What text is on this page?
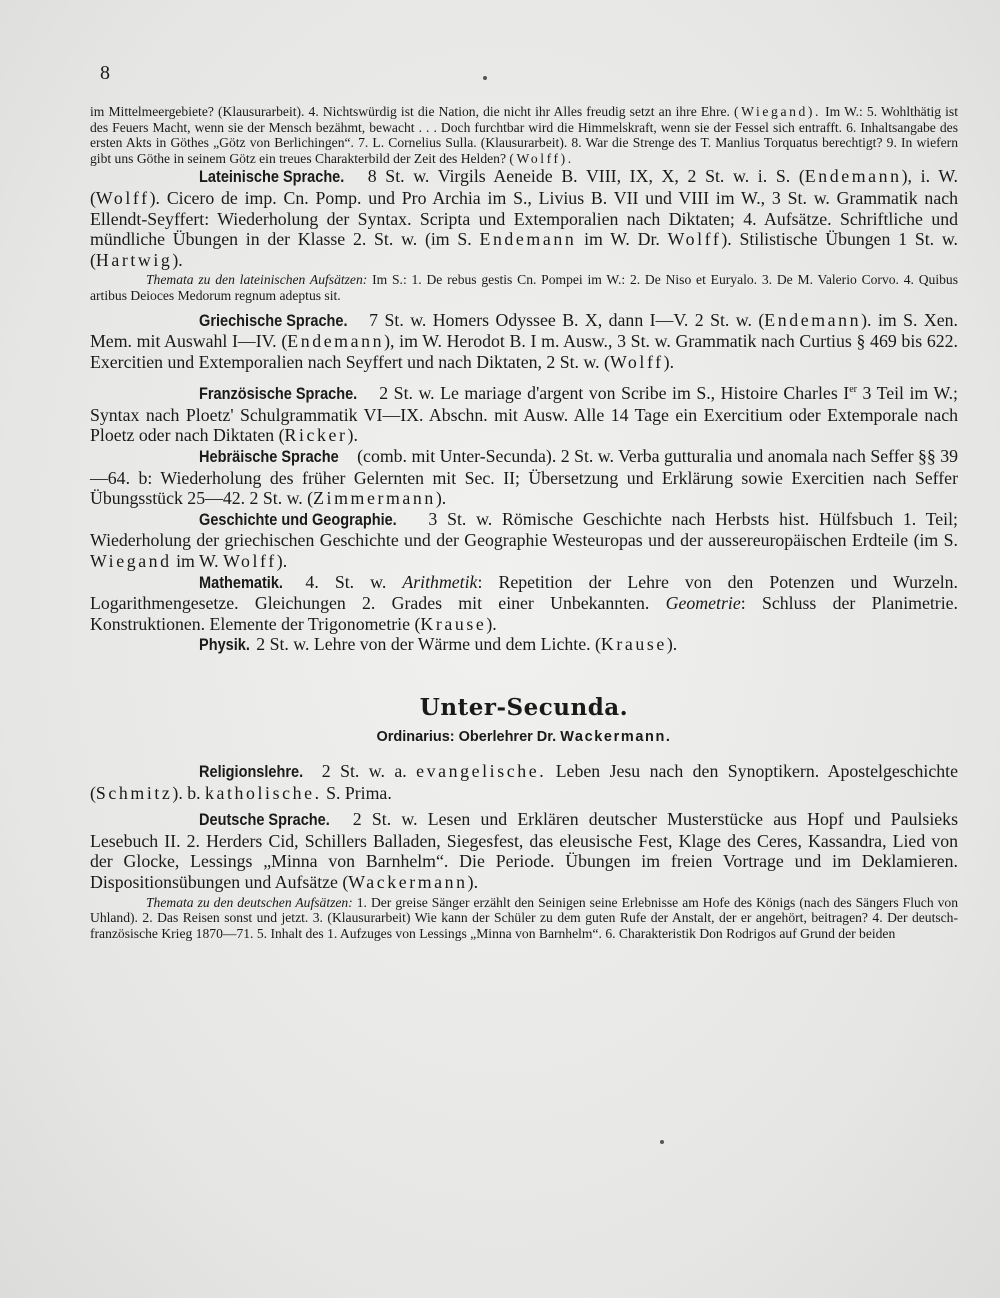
8

im Mittelmeergebiete? (Klausurarbeit). 4. Nichtswürdig ist die Nation, die nicht ihr Alles freudig setzt an ihre Ehre. (Wiegand). Im W.: 5. Wohlthätig ist des Feuers Macht, wenn sie der Mensch bezähmt, bewacht . . . Doch furchtbar wird die Himmelskraft, wenn sie der Fessel sich entrafft. 6. Inhaltsangabe des ersten Akts in Göthes „Götz von Berlichingen“. 7. L. Cornelius Sulla. (Klausurarbeit). 8. War die Strenge des T. Manlius Torquatus berechtigt? 9. In wiefern gibt uns Göthe in seinem Götz ein treues Charakterbild der Zeit des Helden? (Wolff).

Lateinische Sprache. 8 St. w. Virgils Aeneide B. VIII, IX, X, 2 St. w. i. S. (Endemann), i. W. (Wolff). Cicero de imp. Cn. Pomp. und Pro Archia im S., Livius B. VII und VIII im W., 3 St. w. Grammatik nach Ellendt-Seyffert: Wiederholung der Syntax. Scripta und Extemporalien nach Diktaten; 4. Aufsätze. Schriftliche und mündliche Übungen in der Klasse 2. St. w. (im S. Endemann im W. Dr. Wolff). Stilistische Übungen 1 St. w. (Hartwig).

Themata zu den lateinischen Aufsätzen: Im S.: 1. De rebus gestis Cn. Pompei im W.: 2. De Niso et Euryalo. 3. De M. Valerio Corvo. 4. Quibus artibus Deioces Medorum regnum adeptus sit.

Griechische Sprache. 7 St. w. Homers Odyssee B. X, dann I—V. 2 St. w. (Endemann). im S. Xen. Mem. mit Auswahl I—IV. (Endemann), im W. Herodot B. I m. Ausw., 3 St. w. Grammatik nach Curtius § 469 bis 622. Exercitien und Extemporalien nach Seyffert und nach Diktaten, 2 St. w. (Wolff).

Französische Sprache. 2 St. w. Le mariage d'argent von Scribe im S., Histoire Charles Ier 3 Teil im W.; Syntax nach Ploetz' Schulgrammatik VI—IX. Abschn. mit Ausw. Alle 14 Tage ein Exercitium oder Extemporale nach Ploetz oder nach Diktaten (Ricker).

Hebräische Sprache (comb. mit Unter-Secunda). 2 St. w. Verba gutturalia und anomala nach Seffer §§ 39—64. b: Wiederholung des früher Gelernten mit Sec. II; Übersetzung und Erklärung sowie Exercitien nach Seffer Übungsstück 25—42. 2 St. w. (Zimmermann).

Geschichte und Geographie. 3 St. w. Römische Geschichte nach Herbsts hist. Hülfsbuch 1. Teil; Wiederholung der griechischen Geschichte und der Geographie Westeuropas und der aussereuropäischen Erdteile (im S. Wiegand im W. Wolff).

Mathematik. 4. St. w. Arithmetik: Repetition der Lehre von den Potenzen und Wurzeln. Logarithmengesetze. Gleichungen 2. Grades mit einer Unbekannten. Geometrie: Schluss der Planimetrie. Konstruktionen. Elemente der Trigonometrie (Krause).

Physik. 2 St. w. Lehre von der Wärme und dem Lichte. (Krause).

Unter-Secunda.
Ordinarius: Oberlehrer Dr. Wackermann.

Religionslehre. 2 St. w. a. evangelische. Leben Jesu nach den Synoptikern. Apostelgeschichte (Schmitz). b. katholische. S. Prima.

Deutsche Sprache. 2 St. w. Lesen und Erklären deutscher Musterstücke aus Hopf und Paulsieks Lesebuch II. 2. Herders Cid, Schillers Balladen, Siegesfest, das eleusische Fest, Klage des Ceres, Kassandra, Lied von der Glocke, Lessings „Minna von Barnhelm“. Die Periode. Übungen im freien Vortrage und im Deklamieren. Dispositionsübungen und Aufsätze (Wackermann).

Themata zu den deutschen Aufsätzen: 1. Der greise Sänger erzählt den Seinigen seine Erlebnisse am Hofe des Königs (nach des Sängers Fluch von Uhland). 2. Das Reisen sonst und jetzt. 3. (Klausurarbeit) Wie kann der Schüler zu dem guten Rufe der Anstalt, der er angehört, beitragen? 4. Der deutsch-französische Krieg 1870—71. 5. Inhalt des 1. Aufzuges von Lessings „Minna von Barnhelm“. 6. Charakteristik Don Rodrigos auf Grund der beiden
